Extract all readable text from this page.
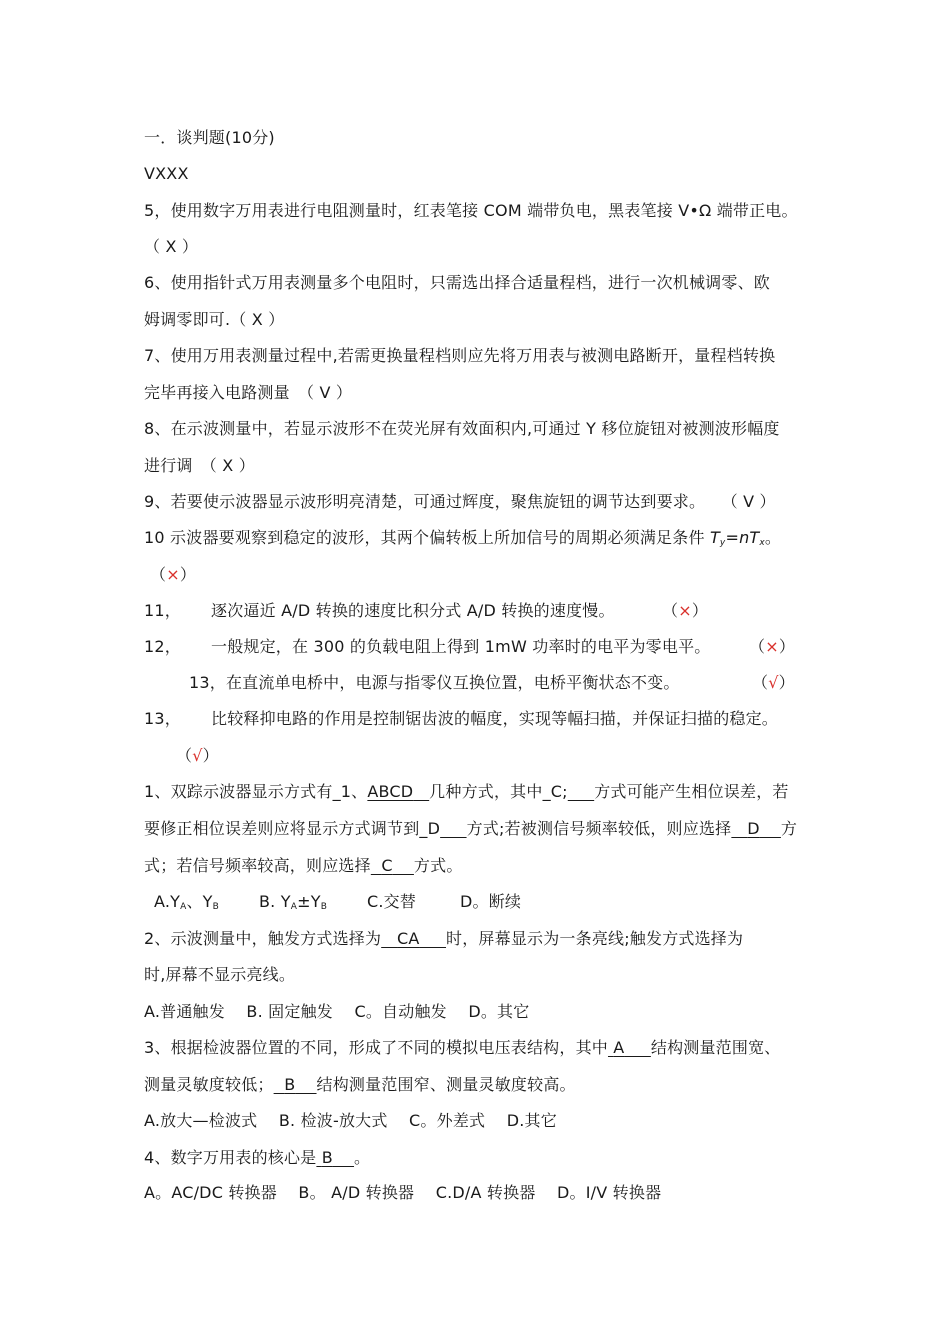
一．谈判题(10分)
VXXX
5，使用数字万用表进行电阻测量时，红表笔接 COM 端带负电，黑表笔接 V•Ω 端带正电。
（ X ）
6、使用指针式万用表测量多个电阻时，只需选出择合适量程档，进行一次机械调零、欧
姆调零即可.（ X ）
7、使用万用表测量过程中,若需更换量程档则应先将万用表与被测电路断开，量程档转换
完毕再接入电路测量　（ V ）
8、在示波测量中，若显示波形不在荧光屏有效面积内,可通过 Y 移位旋钮对被测波形幅度
进行调　（ X ）
9、若要使示波器显示波形明亮清楚，可通过辉度，聚焦旋钮的调节达到要求。　　（ V ）
10 示波器要观察到稳定的波形，其两个偏转板上所加信号的周期必须满足条件 $T_y=nT_x$。
（×）
11， 逐次逼近 A/D 转换的速度比积分式 A/D 转换的速度慢。	（×）
12， 一般规定，在 300 的负载电阻上得到 1mW 功率时的电平为零电平。 （×）
13，在直流单电桥中，电源与指零仪互换位置，电桥平衡状态不变。	（√）
13， 比较释抑电路的作用是控制锯齿波的幅度，实现等幅扫描，并保证扫描的稳定。
（√）
1、双踪示波器显示方式有_1、ABCD 几种方式，其中_C; 方式可能产生相位误差，若
要修正相位误差则应将显示方式调节到_D 方式;若被测信号频率较低，则应选择 D 方
式；若信号频率较高，则应选择 C 方式。
$A.Y_A$、$Y_B$ B. $Y_A\pm Y_B$ C.交替	D。断续
2、示波测量中，触发方式选择为 CA 时，屏幕显示为一条亮线;触发方式选择为
时,屏幕不显示亮线。
A.普通触发　 B. 固定触发　 C。自动触发　 D。其它
3、根据检波器位置的不同，形成了不同的模拟电压表结构，其中 A 结构测量范围宽、
测量灵敏度较低； B 结构测量范围窄、测量灵敏度较高。
A.放大—检波式　 B. 检波-放大式　 C。外差式　 D.其它
4、数字万用表的核心是 B 。
A。AC/DC 转换器　 B。 A/D 转换器　 C.D/A 转换器　 D。I/V 转换器
